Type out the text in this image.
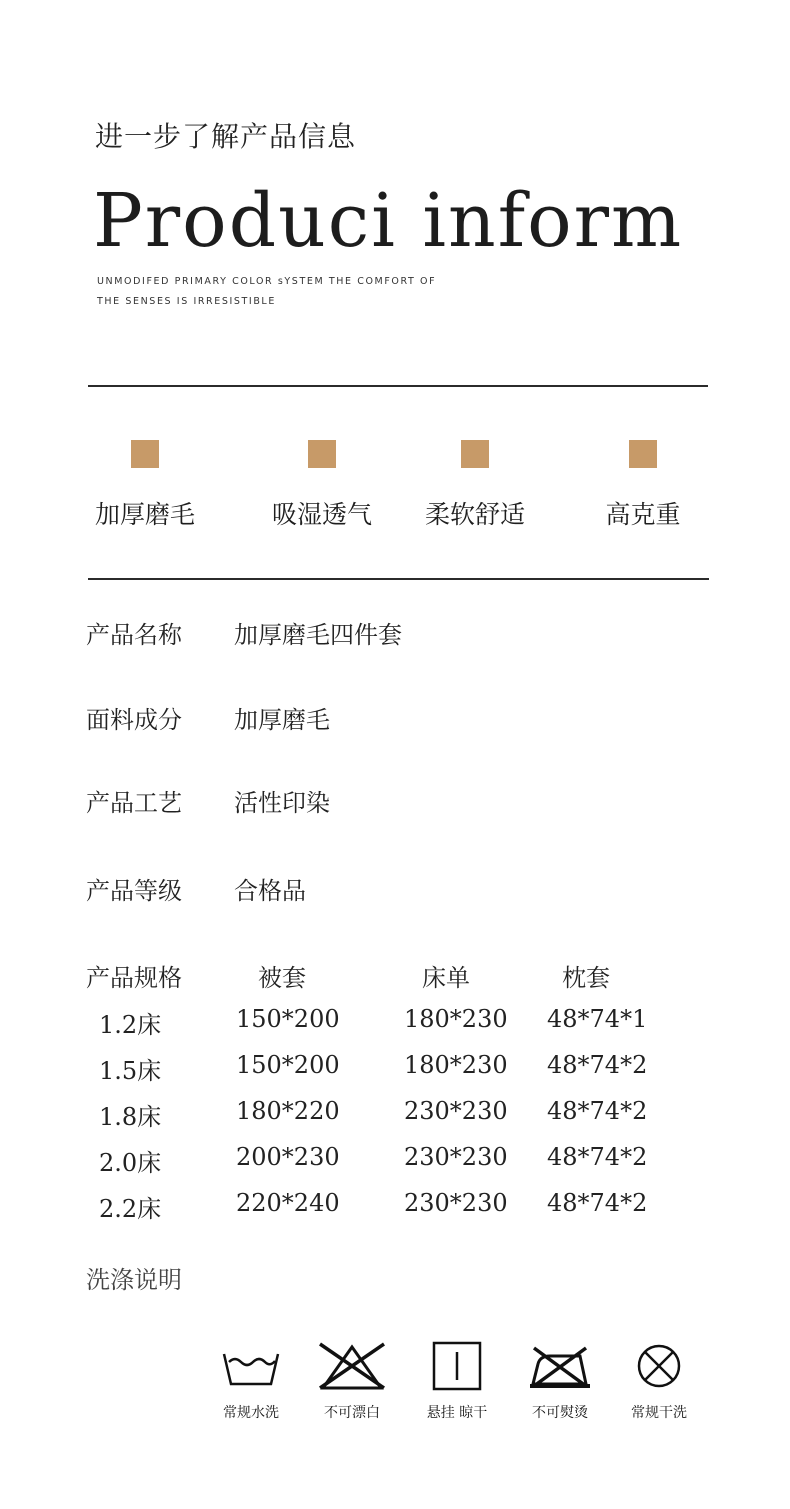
进一步了解产品信息
Produci inform
UNMODIFED PRIMARY COLOR sYSTEM THE COMFORT OF
THE SENSES IS IRRESISTIBLE
加厚磨毛	吸湿透气	柔软舒适	高克重
产品名称 加厚磨毛四件套
面料成分 加厚磨毛
产品工艺 活性印染
产品等级 合格品
产品规格	被套	床单	枕套
1.2床	150*200	180*230 48*74*1
1.5床	150*200	180*230 48*74*2
1.8床	180*220	230*230 48*74*2
2.0床	200*230	230*230 48*74*2
2.2床	220*240	230*230 48*74*2
洗涤说明
常规水洗	不可漂白	悬挂 晾干	不可熨烫	常规干洗
